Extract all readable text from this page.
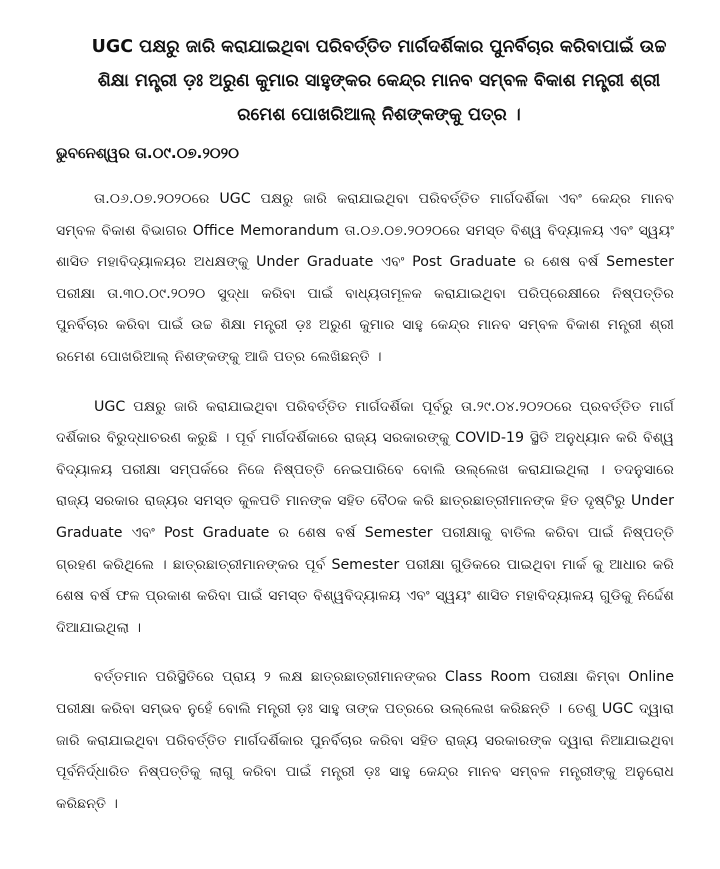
UGC ପକ୍ଷରୁ ଜାରି କରାଯାଇଥିବା ପରିବର୍ତ୍ତିତ ମାର୍ଗଦର୍ଶିକାର ପୁନର୍ବିଚାର କରିବାପାଇଁ ଉଚ୍ଚ ଶିକ୍ଷା ମନ୍ତ୍ରୀ ଡ଼ଃ ଅରୁଣ କୁମାର ସାହୁଙ୍କର କେନ୍ଦ୍ର ମାନବ ସମ୍ବଳ ବିକାଶ ମନ୍ତ୍ରୀ ଶ୍ରୀ ରମେଶ ପୋଖରିଆଲ୍ ନିଶଙ୍କଙ୍କୁ ପତ୍ର ।
ଭୁବନେଶ୍ୱର ତା.୦୯.୦୭.୨୦୨୦

ତା.୦୬.୦୭.୨୦୨୦ରେ UGC ପକ୍ଷରୁ ଜାରି କରାଯାଇଥିବା ପରିବର୍ତ୍ତିତ ମାର୍ଗଦର୍ଶିକା ଏବଂ କେନ୍ଦ୍ର ମାନବ ସମ୍ବଳ ବିକାଶ ବିଭାଗର Office Memorandum ତା.୦୬.୦୭.୨୦୨୦ରେ ସମସ୍ତ ବିଶ୍ୱ ବିଦ୍ୟାଳୟ ଏବଂ ସ୍ୱୟଂ ଶାସିତ ମହାବିଦ୍ୟାଳୟର ଅଧକ୍ଷଙ୍କୁ Under Graduate ଏବଂ Post Graduate ର ଶେଷ ବର୍ଷ Semester ପରୀକ୍ଷା ତା.୩୦.୦୯.୨୦୨୦ ସୁଦ୍ଧା କରିବା ପାଇଁ ବାଧ୍ୟତାମୂଳକ କରାଯାଇଥିବା ପରିପ୍ରେକ୍ଷୀରେ ନିଷ୍ପତ୍ତିର ପୁନର୍ବିଚାର କରିବା ପାଇଁ ଉଚ୍ଚ ଶିକ୍ଷା ମନ୍ତ୍ରୀ ଡ଼ଃ ଅରୁଣ କୁମାର ସାହୁ କେନ୍ଦ୍ର ମାନବ ସମ୍ବଳ ବିକାଶ ମନ୍ତ୍ରୀ ଶ୍ରୀ ରମେଶ ପୋଖରିଆଲ୍ ନିଶଙ୍କଙ୍କୁ ଆଜି ପତ୍ର ଲେଖିଛନ୍ତି ।

UGC ପକ୍ଷରୁ ଜାରି କରାଯାଇଥିବା ପରିବର୍ତ୍ତିତ ମାର୍ଗଦର୍ଶିକା ପୂର୍ବରୁ ତା.୨୯.୦୪.୨୦୨୦ରେ ପ୍ରବର୍ତ୍ତିତ ମାର୍ଗ ଦର୍ଶିକାର ବିରୁଦ୍ଧାଚରଣ କରୁଛି । ପୂର୍ବ ମାର୍ଗଦର୍ଶିକାରେ ରାଜ୍ୟ ସରକାରଙ୍କୁ COVID-19 ସ୍ଥିତି ଅନୁଧ୍ୟାନ କରି ବିଶ୍ୱ ବିଦ୍ୟାଳୟ ପରୀକ୍ଷା ସମ୍ପର୍କରେ ନିଜେ ନିଷ୍ପତ୍ତି ନେଇପାରିବେ ବୋଲି ଉଲ୍ଲେଖ କରାଯାଇଥିଲା । ତଦନୁସାରେ ରାଜ୍ୟ ସରକାର ରାଜ୍ୟର ସମସ୍ତ କୁଳପତି ମାନଙ୍କ ସହିତ ବୈଠକ କରି ଛାତ୍ରଛାତ୍ରୀମାନଙ୍କ ହିତ ଦୃଷ୍ଟିରୁ Under Graduate ଏବଂ Post Graduate ର ଶେଷ ବର୍ଷ Semester ପରୀକ୍ଷାକୁ ବାତିଲ କରିବା ପାଇଁ ନିଷ୍ପତ୍ତି ଗ୍ରହଣ କରିଥିଲେ । ଛାତ୍ରଛାତ୍ରୀମାନଙ୍କର ପୂର୍ବ Semester ପରୀକ୍ଷା ଗୁଡିକରେ ପାଇଥିବା ମାର୍କ କୁ ଆଧାର କରି ଶେଷ ବର୍ଷ ଫଳ ପ୍ରକାଶ କରିବା ପାଇଁ ସମସ୍ତ ବିଶ୍ୱବିଦ୍ୟାଳୟ ଏବଂ ସ୍ୱୟଂ ଶାସିତ ମହାବିଦ୍ୟାଳୟ ଗୁଡିକୁ ନିର୍ଦ୍ଦେଶ ଦିଆଯାଇଥିଲା ।

ବର୍ତ୍ତମାନ ପରିସ୍ଥିତିରେ ପ୍ରାୟ ୨ ଲକ୍ଷ ଛାତ୍ରଛାତ୍ରୀମାନଙ୍କର Class Room ପରୀକ୍ଷା କିମ୍ବା Online ପରୀକ୍ଷା କରିବା ସମ୍ଭବ ନୁହେଁ ବୋଲି ମନ୍ତ୍ରୀ ଡ଼ଃ ସାହୁ ତାଙ୍କ ପତ୍ରରେ ଉଲ୍ଲେଖ କରିଛନ୍ତି । ତେଣୁ UGC ଦ୍ୱାରା ଜାରି କରାଯାଇଥିବା ପରିବର୍ତ୍ତିତ ମାର୍ଗଦର୍ଶିକାର ପୁନର୍ବିଚାର କରିବା ସହିତ ରାଜ୍ୟ ସରକାରଙ୍କ ଦ୍ୱାରା ନିଆଯାଇଥିବା ପୂର୍ବନିର୍ଦ୍ଧାରିତ ନିଷ୍ପତ୍ତିକୁ ଲାଗୁ କରିବା ପାଇଁ ମନ୍ତ୍ରୀ ଡ଼ଃ ସାହୁ କେନ୍ଦ୍ର ମାନବ ସମ୍ବଳ ମନ୍ତ୍ରୀଙ୍କୁ ଅନୁରୋଧ କରିଛନ୍ତି ।
